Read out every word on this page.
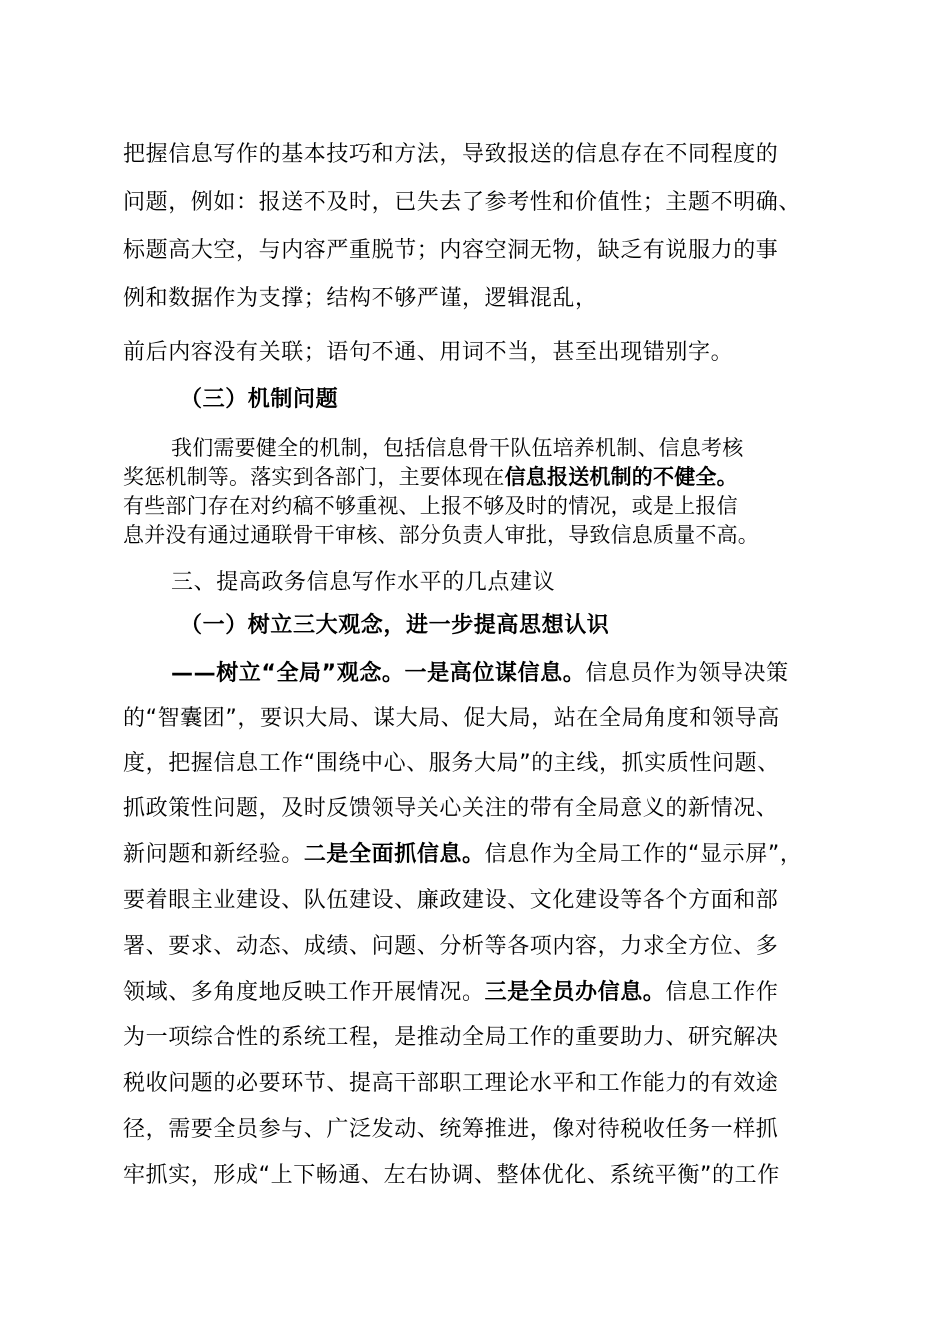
把握信息写作的基本技巧和方法，导致报送的信息存在不同程度的
问题，例如：报送不及时，已失去了参考性和价值性；主题不明确、
标题高大空，与内容严重脱节；内容空洞无物，缺乏有说服力的事
例和数据作为支撑；结构不够严谨，逻辑混乱，
前后内容没有关联；语句不通、用词不当，甚至出现错别字。
（三）机制问题
我们需要健全的机制，包括信息骨干队伍培养机制、信息考核
奖惩机制等。落实到各部门，主要体现在信息报送机制的不健全。
有些部门存在对约稿不够重视、上报不够及时的情况，或是上报信
息并没有通过通联骨干审核、部分负责人审批，导致信息质量不高。
三、提高政务信息写作水平的几点建议
（一）树立三大观念，进一步提高思想认识
——树立“全局”观念。一是高位谋信息。信息员作为领导决策
的“智囊团”，要识大局、谋大局、促大局，站在全局角度和领导高
度，把握信息工作“围绕中心、服务大局”的主线，抓实质性问题、
抓政策性问题，及时反馈领导关心关注的带有全局意义的新情况、
新问题和新经验。二是全面抓信息。信息作为全局工作的“显示屏”，
要着眼主业建设、队伍建设、廉政建设、文化建设等各个方面和部
署、要求、动态、成绩、问题、分析等各项内容，力求全方位、多
领域、多角度地反映工作开展情况。三是全员办信息。信息工作作
为一项综合性的系统工程，是推动全局工作的重要助力、研究解决
税收问题的必要环节、提高干部职工理论水平和工作能力的有效途
径，需要全员参与、广泛发动、统筹推进，像对待税收任务一样抓
牢抓实，形成“上下畅通、左右协调、整体优化、系统平衡”的工作
